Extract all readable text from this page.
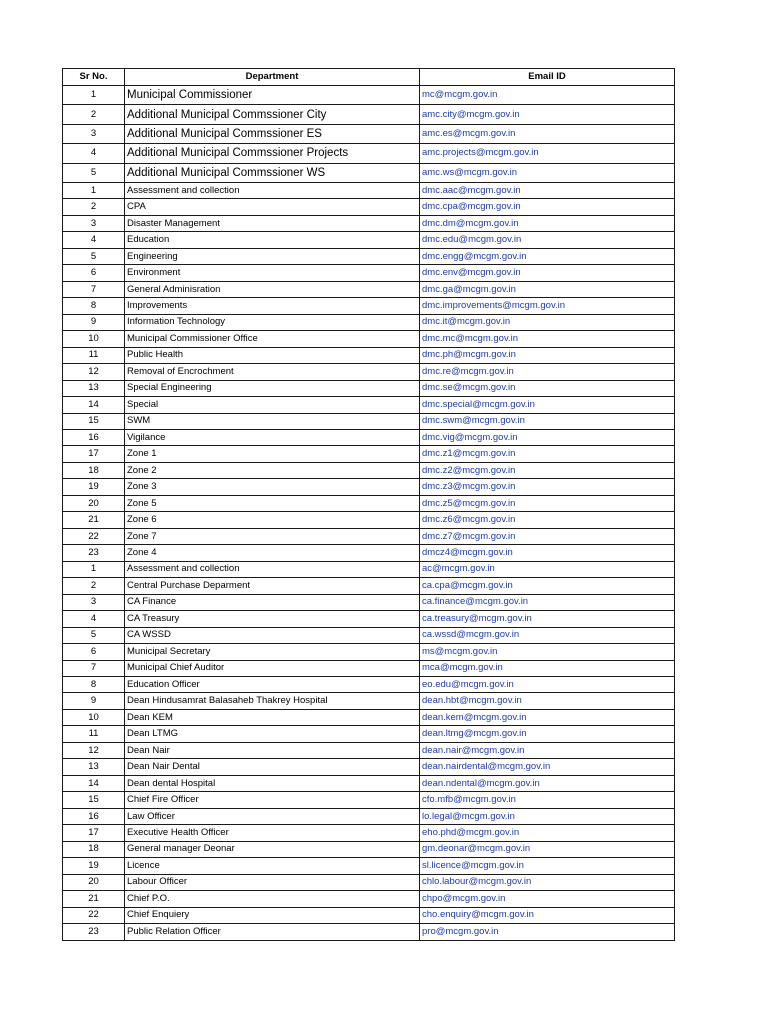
Sr No.	Department	Email ID
1	Municipal Commissioner	mc@mcgm.gov.in
2	Additional Municipal Commssioner City	amc.city@mcgm.gov.in
3	Additional Municipal Commssioner ES	amc.es@mcgm.gov.in
4	Additional Municipal Commssioner Projects	amc.projects@mcgm.gov.in
5	Additional Municipal Commssioner WS	amc.ws@mcgm.gov.in
1	Assessment and collection	dmc.aac@mcgm.gov.in
2	CPA	dmc.cpa@mcgm.gov.in
3	Disaster Management	dmc.dm@mcgm.gov.in
4	Education	dmc.edu@mcgm.gov.in
5	Engineering	dmc.engg@mcgm.gov.in
6	Environment	dmc.env@mcgm.gov.in
7	General Adminisration	dmc.ga@mcgm.gov.in
8	Improvements	dmc.improvements@mcgm.gov.in
9	Information Technology	dmc.it@mcgm.gov.in
10	Municipal Commissioner Office	dmc.mc@mcgm.gov.in
11	Public Health	dmc.ph@mcgm.gov.in
12	Removal of Encrochment	dmc.re@mcgm.gov.in
13	Special Engineering	dmc.se@mcgm.gov.in
14	Special	dmc.special@mcgm.gov.in
15	SWM	dmc.swm@mcgm.gov.in
16	Vigilance	dmc.vig@mcgm.gov.in
17	Zone 1	dmc.z1@mcgm.gov.in
18	Zone 2	dmc.z2@mcgm.gov.in
19	Zone 3	dmc.z3@mcgm.gov.in
20	Zone 5	dmc.z5@mcgm.gov.in
21	Zone 6	dmc.z6@mcgm.gov.in
22	Zone 7	dmc.z7@mcgm.gov.in
23	Zone 4	dmcz4@mcgm.gov.in
1	Assessment and collection	ac@mcgm.gov.in
2	Central Purchase Deparment	ca.cpa@mcgm.gov.in
3	CA Finance	ca.finance@mcgm.gov.in
4	CA Treasury	ca.treasury@mcgm.gov.in
5	CA WSSD	ca.wssd@mcgm.gov.in
6	Municipal Secretary	ms@mcgm.gov.in
7	Municipal Chief Auditor	mca@mcgm.gov.in
8	Education Officer	eo.edu@mcgm.gov.in
9	Dean Hindusamrat Balasaheb Thakrey Hospital	dean.hbt@mcgm.gov.in
10	Dean KEM	dean.kem@mcgm.gov.in
11	Dean LTMG	dean.ltmg@mcgm.gov.in
12	Dean Nair	dean.nair@mcgm.gov.in
13	Dean Nair Dental	dean.nairdental@mcgm.gov.in
14	Dean dental Hospital	dean.ndental@mcgm.gov.in
15	Chief Fire Officer	cfo.mfb@mcgm.gov.in
16	Law Officer	lo.legal@mcgm.gov.in
17	Executive Health Officer	eho.phd@mcgm.gov.in
18	General manager Deonar	gm.deonar@mcgm.gov.in
19	Licence	sl.licence@mcgm.gov.in
20	Labour Officer	chlo.labour@mcgm.gov.in
21	Chief P.O.	chpo@mcgm.gov.in
22	Chief Enquiery	cho.enquiry@mcgm.gov.in
23	Public Relation Officer	pro@mcgm.gov.in
